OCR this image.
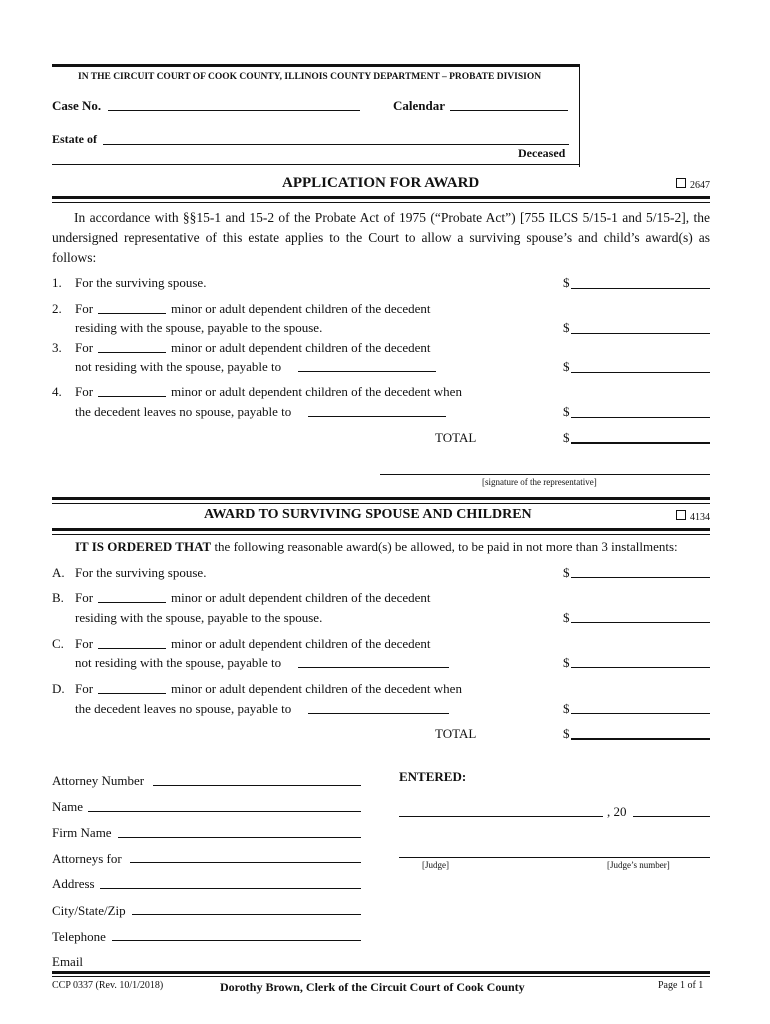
IN THE CIRCUIT COURT OF COOK COUNTY, ILLINOIS COUNTY DEPARTMENT – PROBATE DIVISION
Case No.	Calendar
Estate of
Deceased
APPLICATION FOR AWARD	2647
In accordance with §§15-1 and 15-2 of the Probate Act of 1975 (“Probate Act”) [755 ILCS 5/15-1 and 5/15-2], the undersigned representative of this estate applies to the Court to allow a surviving spouse’s and child’s award(s) as follows:
1. For the surviving spouse.	$
2. For	minor or adult dependent children of the decedent
residing with the spouse, payable to the spouse.	$
3. For	minor or adult dependent children of the decedent
not residing with the spouse, payable to	$
4. For	minor or adult dependent children of the decedent when
the decedent leaves no spouse, payable to	$
TOTAL	$
[signature of the representative]
AWARD TO SURVIVING SPOUSE AND CHILDREN	4134
IT IS ORDERED THAT the following reasonable award(s) be allowed, to be paid in not more than 3 installments:
A. For the surviving spouse.	$
B. For	minor or adult dependent children of the decedent
residing with the spouse, payable to the spouse.	$
C. For	minor or adult dependent children of the decedent
not residing with the spouse, payable to	$
D. For	minor or adult dependent children of the decedent when
the decedent leaves no spouse, payable to	$
TOTAL	$
Attorney Number
Name
Firm Name
Attorneys for
Address
City/State/Zip
Telephone
Email
ENTERED:
, 20
[Judge]	[Judge’s number]
CCP 0337 (Rev. 10/1/2018)	Dorothy Brown, Clerk of the Circuit Court of Cook County	Page 1 of 1
